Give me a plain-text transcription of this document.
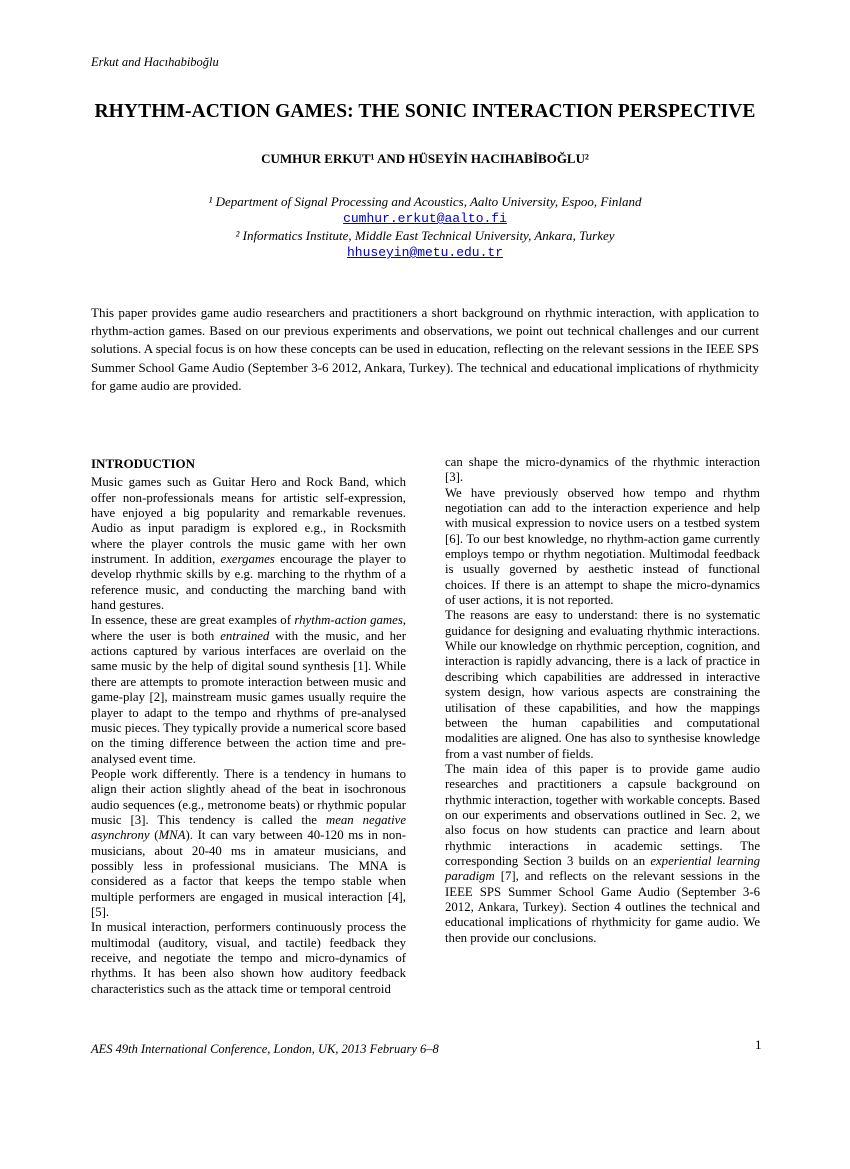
Erkut and Hacıhabiboğlu
RHYTHM-ACTION GAMES: THE SONIC INTERACTION PERSPECTIVE
CUMHUR ERKUT¹ AND HÜSEYİN HACIHABİBOĞLU²
¹ Department of Signal Processing and Acoustics, Aalto University, Espoo, Finland
cumhur.erkut@aalto.fi
² Informatics Institute, Middle East Technical University, Ankara, Turkey
hhuseyin@metu.edu.tr
This paper provides game audio researchers and practitioners a short background on rhythmic interaction, with application to rhythm-action games. Based on our previous experiments and observations, we point out technical challenges and our current solutions. A special focus is on how these concepts can be used in education, reflecting on the relevant sessions in the IEEE SPS Summer School Game Audio (September 3-6 2012, Ankara, Turkey). The technical and educational implications of rhythmicity for game audio are provided.
INTRODUCTION

Music games such as Guitar Hero and Rock Band, which offer non-professionals means for artistic self-expression, have enjoyed a big popularity and remarkable revenues. Audio as input paradigm is explored e.g., in Rocksmith where the player controls the music game with her own instrument. In addition, exergames encourage the player to develop rhythmic skills by e.g. marching to the rhythm of a reference music, and conducting the marching band with hand gestures.

In essence, these are great examples of rhythm-action games, where the user is both entrained with the music, and her actions captured by various interfaces are overlaid on the same music by the help of digital sound synthesis [1]. While there are attempts to promote interaction between music and game-play [2], mainstream music games usually require the player to adapt to the tempo and rhythms of pre-analysed music pieces. They typically provide a numerical score based on the timing difference between the action time and pre-analysed event time.

People work differently. There is a tendency in humans to align their action slightly ahead of the beat in isochronous audio sequences (e.g., metronome beats) or rhythmic popular music [3]. This tendency is called the mean negative asynchrony (MNA). It can vary between 40-120 ms in non-musicians, about 20-40 ms in amateur musicians, and possibly less in professional musicians. The MNA is considered as a factor that keeps the tempo stable when multiple performers are engaged in musical interaction [4], [5].

In musical interaction, performers continuously process the multimodal (auditory, visual, and tactile) feedback they receive, and negotiate the tempo and micro-dynamics of rhythms. It has been also shown how auditory feedback characteristics such as the attack time or temporal centroid

can shape the micro-dynamics of the rhythmic interaction [3].

We have previously observed how tempo and rhythm negotiation can add to the interaction experience and help with musical expression to novice users on a testbed system [6]. To our best knowledge, no rhythm-action game currently employs tempo or rhythm negotiation. Multimodal feedback is usually governed by aesthetic instead of functional choices. If there is an attempt to shape the micro-dynamics of user actions, it is not reported.

The reasons are easy to understand: there is no systematic guidance for designing and evaluating rhythmic interactions. While our knowledge on rhythmic perception, cognition, and interaction is rapidly advancing, there is a lack of practice in describing which capabilities are addressed in interactive system design, how various aspects are constraining the utilisation of these capabilities, and how the mappings between the human capabilities and computational modalities are aligned. One has also to synthesise knowledge from a vast number of fields.

The main idea of this paper is to provide game audio researches and practitioners a capsule background on rhythmic interaction, together with workable concepts. Based on our experiments and observations outlined in Sec. 2, we also focus on how students can practice and learn about rhythmic interactions in academic settings. The corresponding Section 3 builds on an experiential learning paradigm [7], and reflects on the relevant sessions in the IEEE SPS Summer School Game Audio (September 3-6 2012, Ankara, Turkey). Section 4 outlines the technical and educational implications of rhythmicity for game audio. We then provide our conclusions.

AES 49th International Conference, London, UK, 2013 February 6–8	1
